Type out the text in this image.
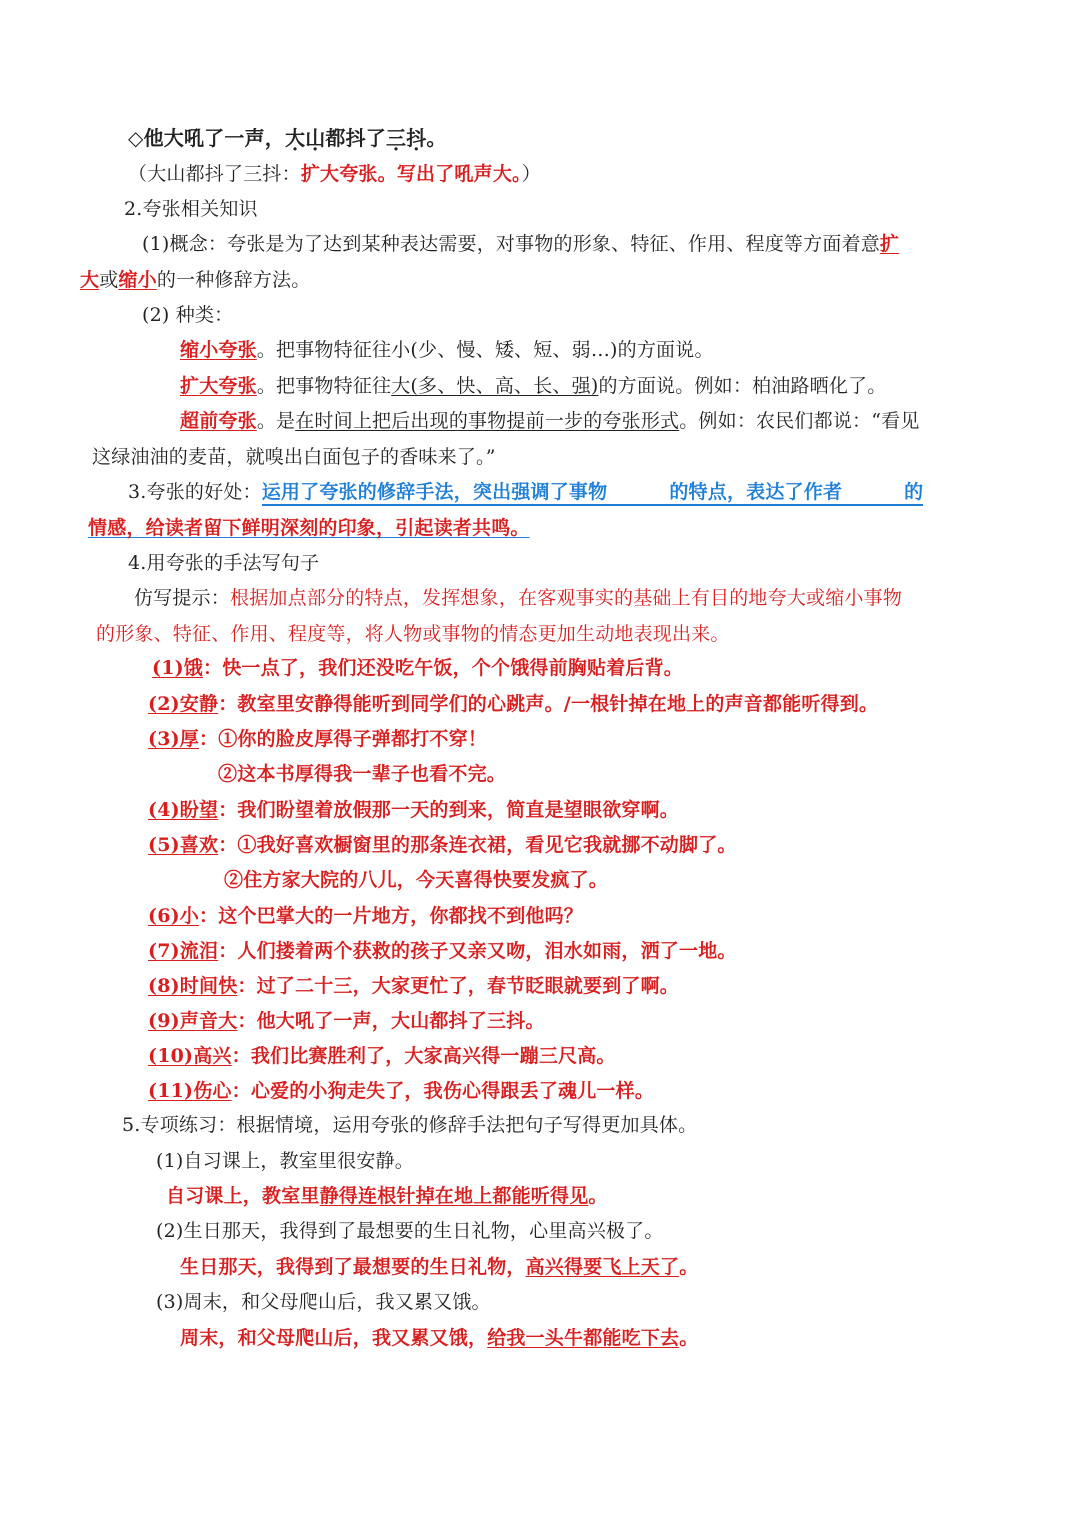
◇他大吼了一声，大山都抖了三抖。
（大山都抖了三抖：扩大夸张。写出了吼声大。）
2.夸张相关知识
(1)概念：夸张是为了达到某种表达需要，对事物的形象、特征、作用、程度等方面着意扩
大或缩小的一种修辞方法。
(2) 种类：
缩小夸张。把事物特征往小(少、慢、矮、短、弱…)的方面说。
扩大夸张。把事物特征往大(多、快、高、长、强)的方面说。例如：柏油路晒化了。
超前夸张。是在时间上把后出现的事物提前一步的夸张形式。例如：农民们都说：“看见
这绿油油的麦苗，就嗅出白面包子的香味来了。”
3.夸张的好处：运用了夸张的修辞手法，突出强调了事物	的特点，表达了作者	的
情感，给读者留下鲜明深刻的印象，引起读者共鸣。
4.用夸张的手法写句子
仿写提示：根据加点部分的特点，发挥想象，在客观事实的基础上有目的地夸大或缩小事物
的形象、特征、作用、程度等，将人物或事物的情态更加生动地表现出来。
(1)饿：快一点了，我们还没吃午饭，个个饿得前胸贴着后背。
(2)安静：教室里安静得能听到同学们的心跳声。/一根针掉在地上的声音都能听得到。
(3)厚：①你的脸皮厚得子弹都打不穿！
②这本书厚得我一辈子也看不完。
(4)盼望：我们盼望着放假那一天的到来，简直是望眼欲穿啊。
(5)喜欢：①我好喜欢橱窗里的那条连衣裙，看见它我就挪不动脚了。
②住方家大院的八儿，今天喜得快要发疯了。
(6)小：这个巴掌大的一片地方，你都找不到他吗？
(7)流泪：人们搂着两个获救的孩子又亲又吻，泪水如雨，洒了一地。
(8)时间快：过了二十三，大家更忙了，春节眨眼就要到了啊。
(9)声音大：他大吼了一声，大山都抖了三抖。
(10)高兴：我们比赛胜利了，大家高兴得一蹦三尺高。
(11)伤心：心爱的小狗走失了，我伤心得跟丢了魂儿一样。
5.专项练习：根据情境，运用夸张的修辞手法把句子写得更加具体。
(1)自习课上，教室里很安静。
自习课上，教室里静得连根针掉在地上都能听得见。
(2)生日那天，我得到了最想要的生日礼物，心里高兴极了。
生日那天，我得到了最想要的生日礼物，高兴得要飞上天了。
(3)周末，和父母爬山后，我又累又饿。
周末，和父母爬山后，我又累又饿，给我一头牛都能吃下去。
